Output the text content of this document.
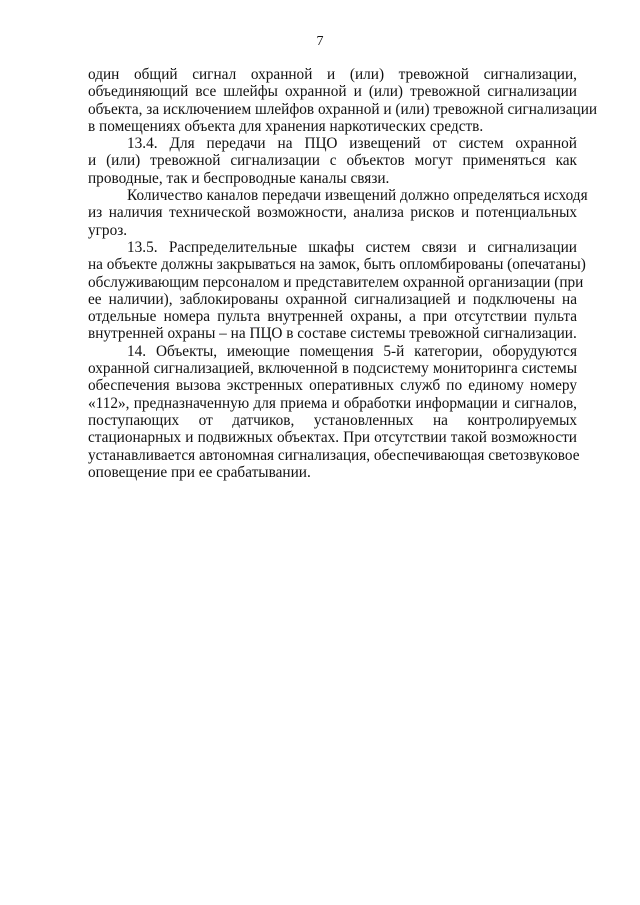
7
один общий сигнал охранной и (или) тревожной сигнализации,
объединяющий все шлейфы охранной и (или) тревожной сигнализации
объекта, за исключением шлейфов охранной и (или) тревожной сигнализации
в помещениях объекта для хранения наркотических средств.
13.4. Для передачи на ПЦО извещений от систем охранной
и (или) тревожной сигнализации с объектов могут применяться как
проводные, так и беспроводные каналы связи.
Количество каналов передачи извещений должно определяться исходя
из наличия технической возможности, анализа рисков и потенциальных
угроз.
13.5. Распределительные шкафы систем связи и сигнализации
на объекте должны закрываться на замок, быть опломбированы (опечатаны)
обслуживающим персоналом и представителем охранной организации (при
ее наличии), заблокированы охранной сигнализацией и подключены на
отдельные номера пульта внутренней охраны, а при отсутствии пульта
внутренней охраны – на ПЦО в составе системы тревожной сигнализации.
14. Объекты, имеющие помещения 5-й категории, оборудуются
охранной сигнализацией, включенной в подсистему мониторинга системы
обеспечения вызова экстренных оперативных служб по единому номеру
«112», предназначенную для приема и обработки информации и сигналов,
поступающих от датчиков, установленных на контролируемых
стационарных и подвижных объектах. При отсутствии такой возможности
устанавливается автономная сигнализация, обеспечивающая светозвуковое
оповещение при ее срабатывании.
